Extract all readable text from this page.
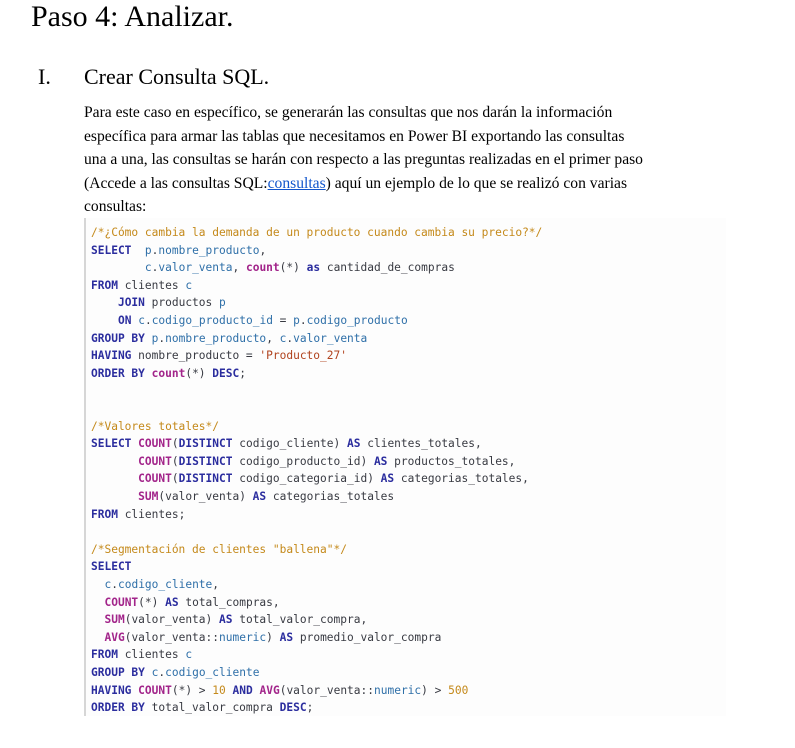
Paso 4: Analizar.
I. Crear Consulta SQL.
Para este caso en específico, se generarán las consultas que nos darán la información
específica para armar las tablas que necesitamos en Power BI exportando las consultas
una a una, las consultas se harán con respecto a las preguntas realizadas en el primer paso
(Accede a las consultas SQL:consultas) aquí un ejemplo de lo que se realizó con varias
consultas:
/*¿Cómo cambia la demanda de un producto cuando cambia su precio?*/
SELECT p.nombre_producto,
c.valor_venta, count(*) as cantidad_de_compras
FROM clientes c
JOIN productos p
ON c.codigo_producto_id = p.codigo_producto
GROUP BY p.nombre_producto, c.valor_venta
HAVING nombre_producto = 'Producto_27'
ORDER BY count(*) DESC;
/*Valores totales*/
SELECT COUNT(DISTINCT codigo_cliente) AS clientes_totales,
COUNT(DISTINCT codigo_producto_id) AS productos_totales,
COUNT(DISTINCT codigo_categoria_id) AS categorias_totales,
SUM(valor_venta) AS categorias_totales
FROM clientes;
/*Segmentación de clientes "ballena"*/
SELECT
c.codigo_cliente,
COUNT(*) AS total_compras,
SUM(valor_venta) AS total_valor_compra,
AVG(valor_venta::numeric) AS promedio_valor_compra
FROM clientes c
GROUP BY c.codigo_cliente
HAVING COUNT(*) > 10 AND AVG(valor_venta::numeric) > 500
ORDER BY total_valor_compra DESC;
